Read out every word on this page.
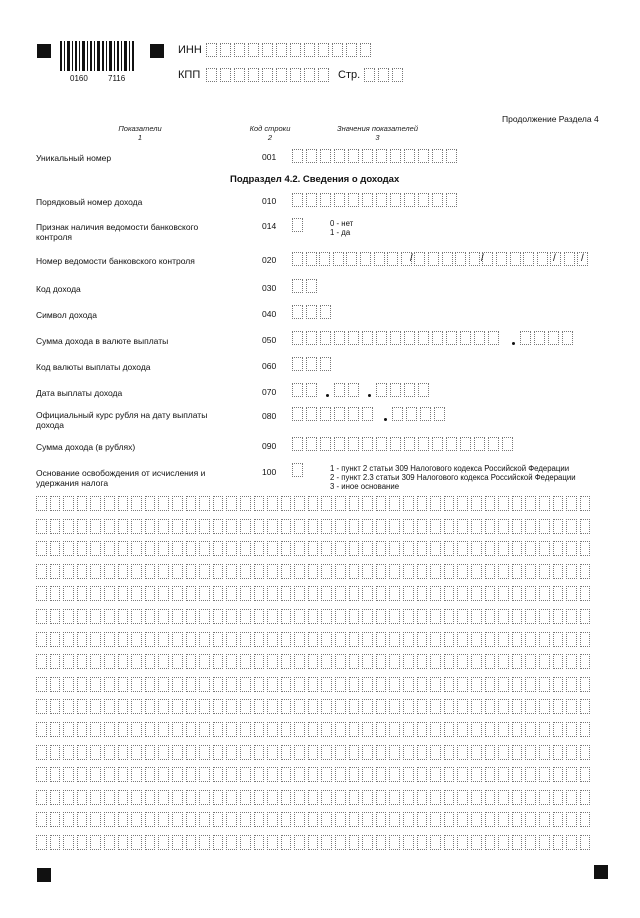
0160	7116
ИНН
КПП	Стр.
Продолжение Раздела 4
Показатели
1
Код строки
2
Значения показателей
3
Уникальный номер	001
Подраздел 4.2. Сведения о доходах
Порядковый номер дохода	010
Признак наличия ведомости банковского контроля
014	0 - нет
1 - да
Номер ведомости банковского контроля	020	/	/	/	/
Код дохода	030
Символ дохода	040
Сумма дохода в валюте выплаты	050
Код валюты выплаты дохода	060
Дата выплаты дохода	070
Официальный курс рубля на дату выплаты дохода
080
Сумма дохода (в рублях)	090
Основание освобождения от исчисления и удержания налога
100	1 - пункт 2 статьи 309 Налогового кодекса Российской Федерации
2 - пункт 2.3 статьи 309 Налогового кодекса Российской Федерации
3 - иное основание
